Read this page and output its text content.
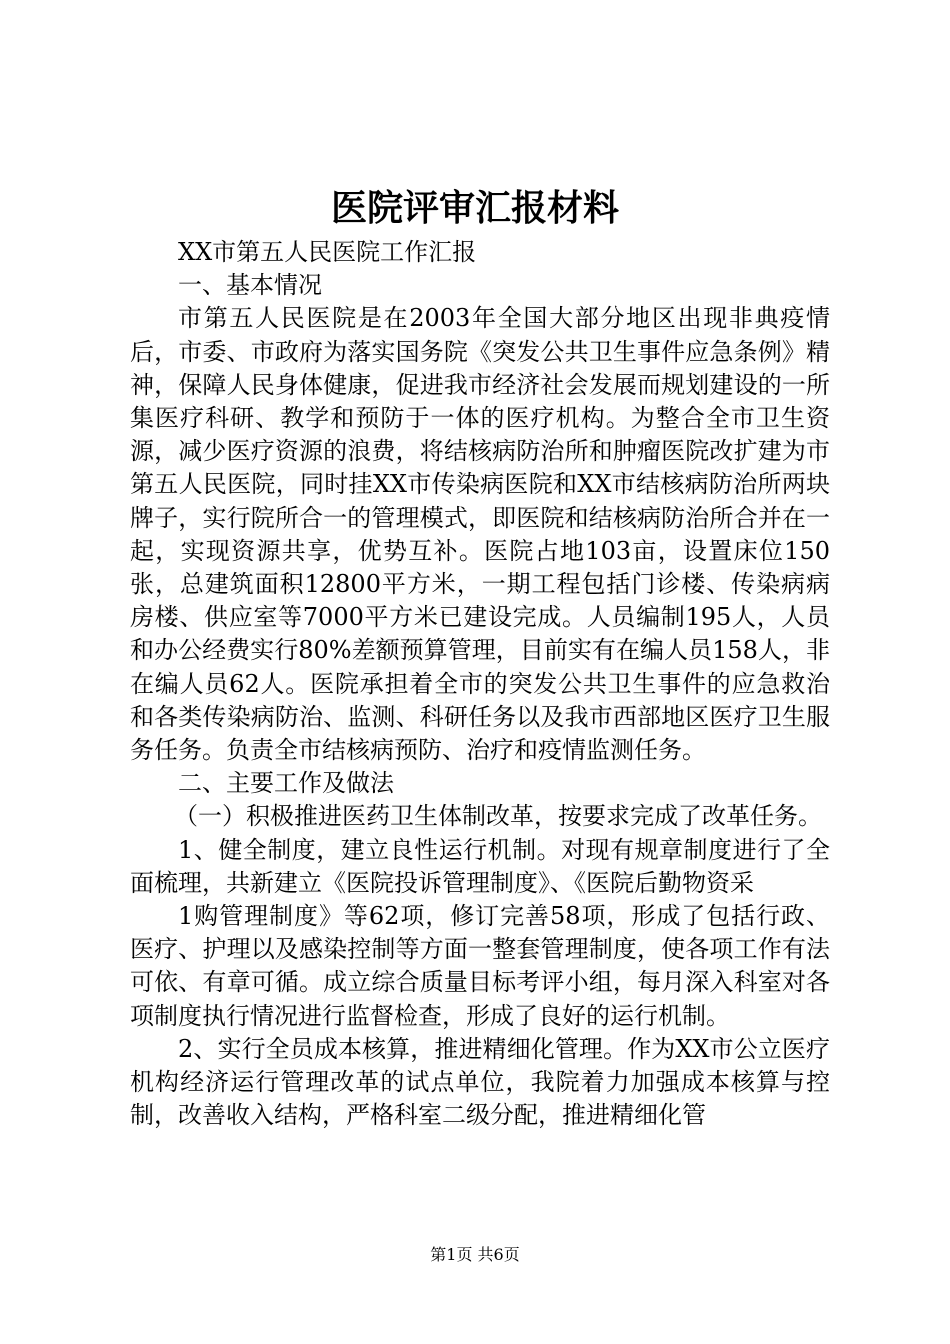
医院评审汇报材料

XX市第五人民医院工作汇报

一、基本情况

市第五人民医院是在2003年全国大部分地区出现非典疫情后，市委、市政府为落实国务院《突发公共卫生事件应急条例》精神，保障人民身体健康，促进我市经济社会发展而规划建设的一所集医疗科研、教学和预防于一体的医疗机构。为整合全市卫生资源，减少医疗资源的浪费，将结核病防治所和肿瘤医院改扩建为市第五人民医院，同时挂XX市传染病医院和XX市结核病防治所两块牌子，实行院所合一的管理模式，即医院和结核病防治所合并在一起，实现资源共享，优势互补。医院占地103亩，设置床位150张，总建筑面积12800平方米，一期工程包括门诊楼、传染病病房楼、供应室等7000平方米已建设完成。人员编制195人，人员和办公经费实行80%差额预算管理，目前实有在编人员158人，非在编人员62人。医院承担着全市的突发公共卫生事件的应急救治和各类传染病防治、监测、科研任务以及我市西部地区医疗卫生服务任务。负责全市结核病预防、治疗和疫情监测任务。

二、主要工作及做法

（一）积极推进医药卫生体制改革，按要求完成了改革任务。

1、健全制度，建立良性运行机制。对现有规章制度进行了全面梳理，共新建立《医院投诉管理制度》、《医院后勤物资采

1购管理制度》等62项，修订完善58项，形成了包括行政、医疗、护理以及感染控制等方面一整套管理制度，使各项工作有法可依、有章可循。成立综合质量目标考评小组，每月深入科室对各项制度执行情况进行监督检查，形成了良好的运行机制。

2、实行全员成本核算，推进精细化管理。作为XX市公立医疗机构经济运行管理改革的试点单位，我院着力加强成本核算与控制，改善收入结构，严格科室二级分配，推进精细化管

第1页 共6页
